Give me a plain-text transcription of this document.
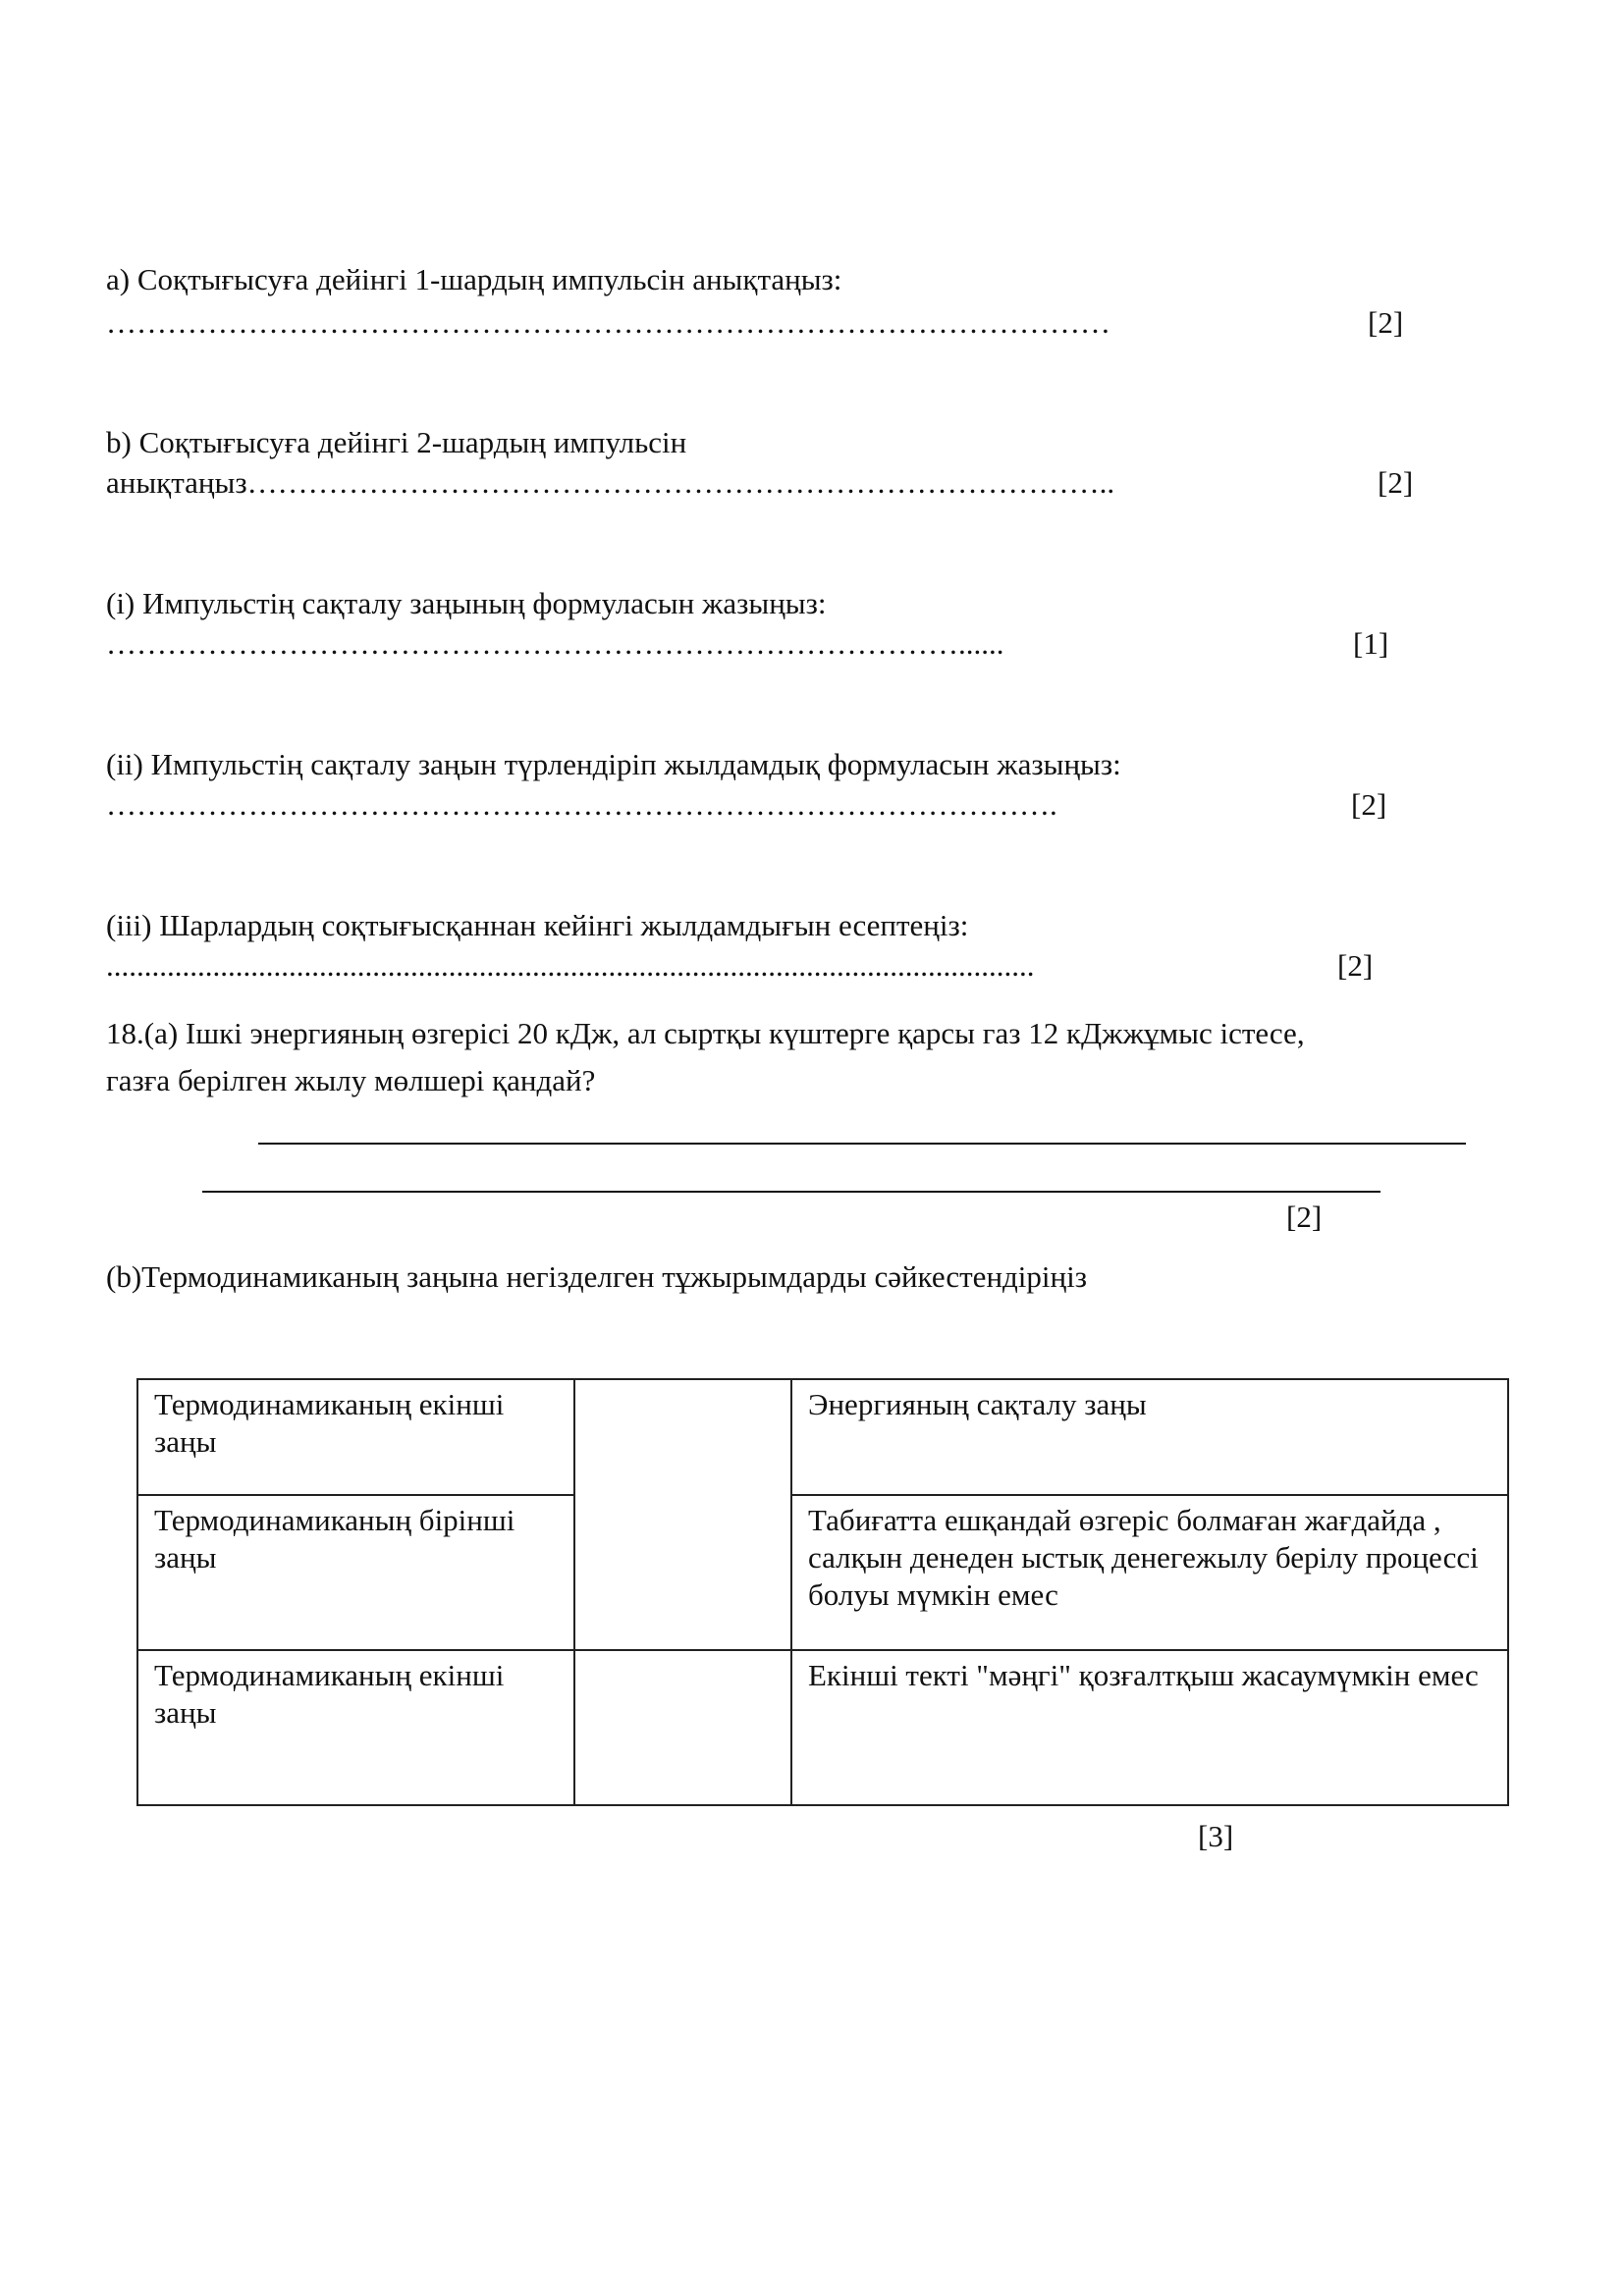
a) Соқтығысуға дейінгі 1-шардың импульсін анықтаңыз:
………………………………………………………………………………………	[2]
b) Соқтығысуға дейінгі 2-шардың импульсін
анықтаңыз…………………………………………………………………………..	[2]
(i) Импульстің сақталу заңының формуласын жазыңыз:
…………………………………………………………………………......	[1]
(ii) Импульстің сақталу заңын түрлендіріп жылдамдық формуласын жазыңыз:
………………………………………………………………………………….	[2]
(iii) Шарлардың соқтығысқаннан кейінгі жылдамдығын есептеңіз:
..........................................................................................................................	[2]
18.(a) Ішкі энергияның өзгерісі 20 кДж, ал сыртқы күштерге қарсы газ 12 кДжжұмыс істесе,
газға берілген жылу мөлшері қандай?
[2]
(b)Термодинамиканың заңына негізделген тұжырымдарды сәйкестендіріңіз
Термодинамиканың екінші заңы		Энергияның сақталу заңы
Термодинамиканың бірінші заңы		Табиғатта ешқандай өзгеріс болмаған жағдайда , салқын денеден ыстық денегежылу берілу процессі болуы мүмкін емес
Термодинамиканың екінші заңы		Екінші текті "мәңгі" қозғалтқыш жасаумүмкін емес
[3]
